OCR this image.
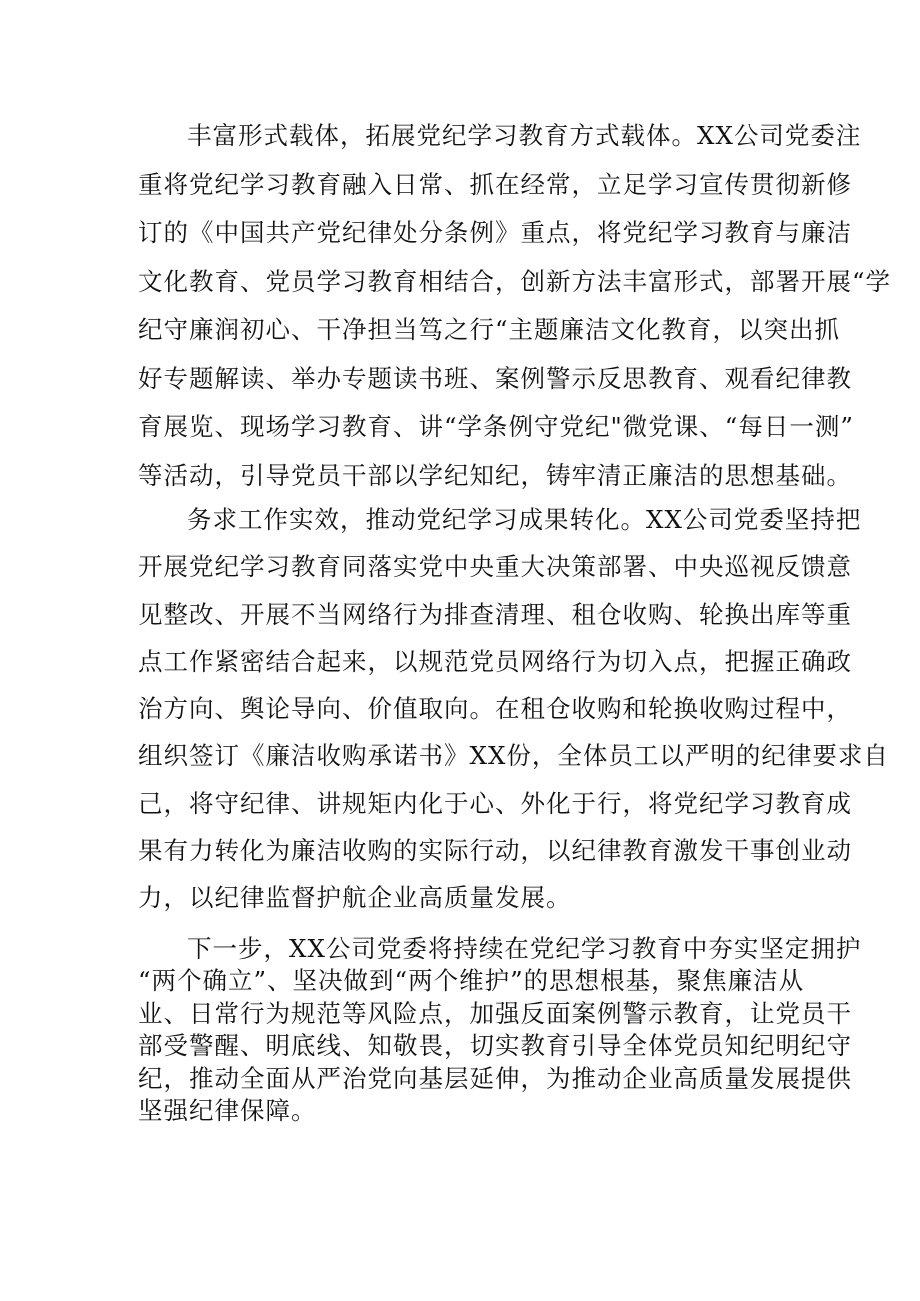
丰富形式载体，拓展党纪学习教育方式载体。XX公司党委注
重将党纪学习教育融入日常、抓在经常，立足学习宣传贯彻新修
订的《中国共产党纪律处分条例》重点，将党纪学习教育与廉洁
文化教育、党员学习教育相结合，创新方法丰富形式，部署开展“学
纪守廉润初心、干净担当笃之行“主题廉洁文化教育，以突出抓
好专题解读、举办专题读书班、案例警示反思教育、观看纪律教
育展览、现场学习教育、讲“学条例守党纪"微党课、“每日一测”
等活动，引导党员干部以学纪知纪，铸牢清正廉洁的思想基础。

务求工作实效，推动党纪学习成果转化。XX公司党委坚持把
开展党纪学习教育同落实党中央重大决策部署、中央巡视反馈意
见整改、开展不当网络行为排查清理、租仓收购、轮换出库等重
点工作紧密结合起来，以规范党员网络行为切入点，把握正确政
治方向、舆论导向、价值取向。在租仓收购和轮换收购过程中，
组织签订《廉洁收购承诺书》XX份，全体员工以严明的纪律要求自
己，将守纪律、讲规矩内化于心、外化于行，将党纪学习教育成
果有力转化为廉洁收购的实际行动，以纪律教育激发干事创业动
力，以纪律监督护航企业高质量发展。

下一步，XX公司党委将持续在党纪学习教育中夯实坚定拥护
“两个确立”、坚决做到“两个维护”的思想根基，聚焦廉洁从
业、日常行为规范等风险点，加强反面案例警示教育，让党员干
部受警醒、明底线、知敬畏，切实教育引导全体党员知纪明纪守
纪，推动全面从严治党向基层延伸，为推动企业高质量发展提供
坚强纪律保障。
